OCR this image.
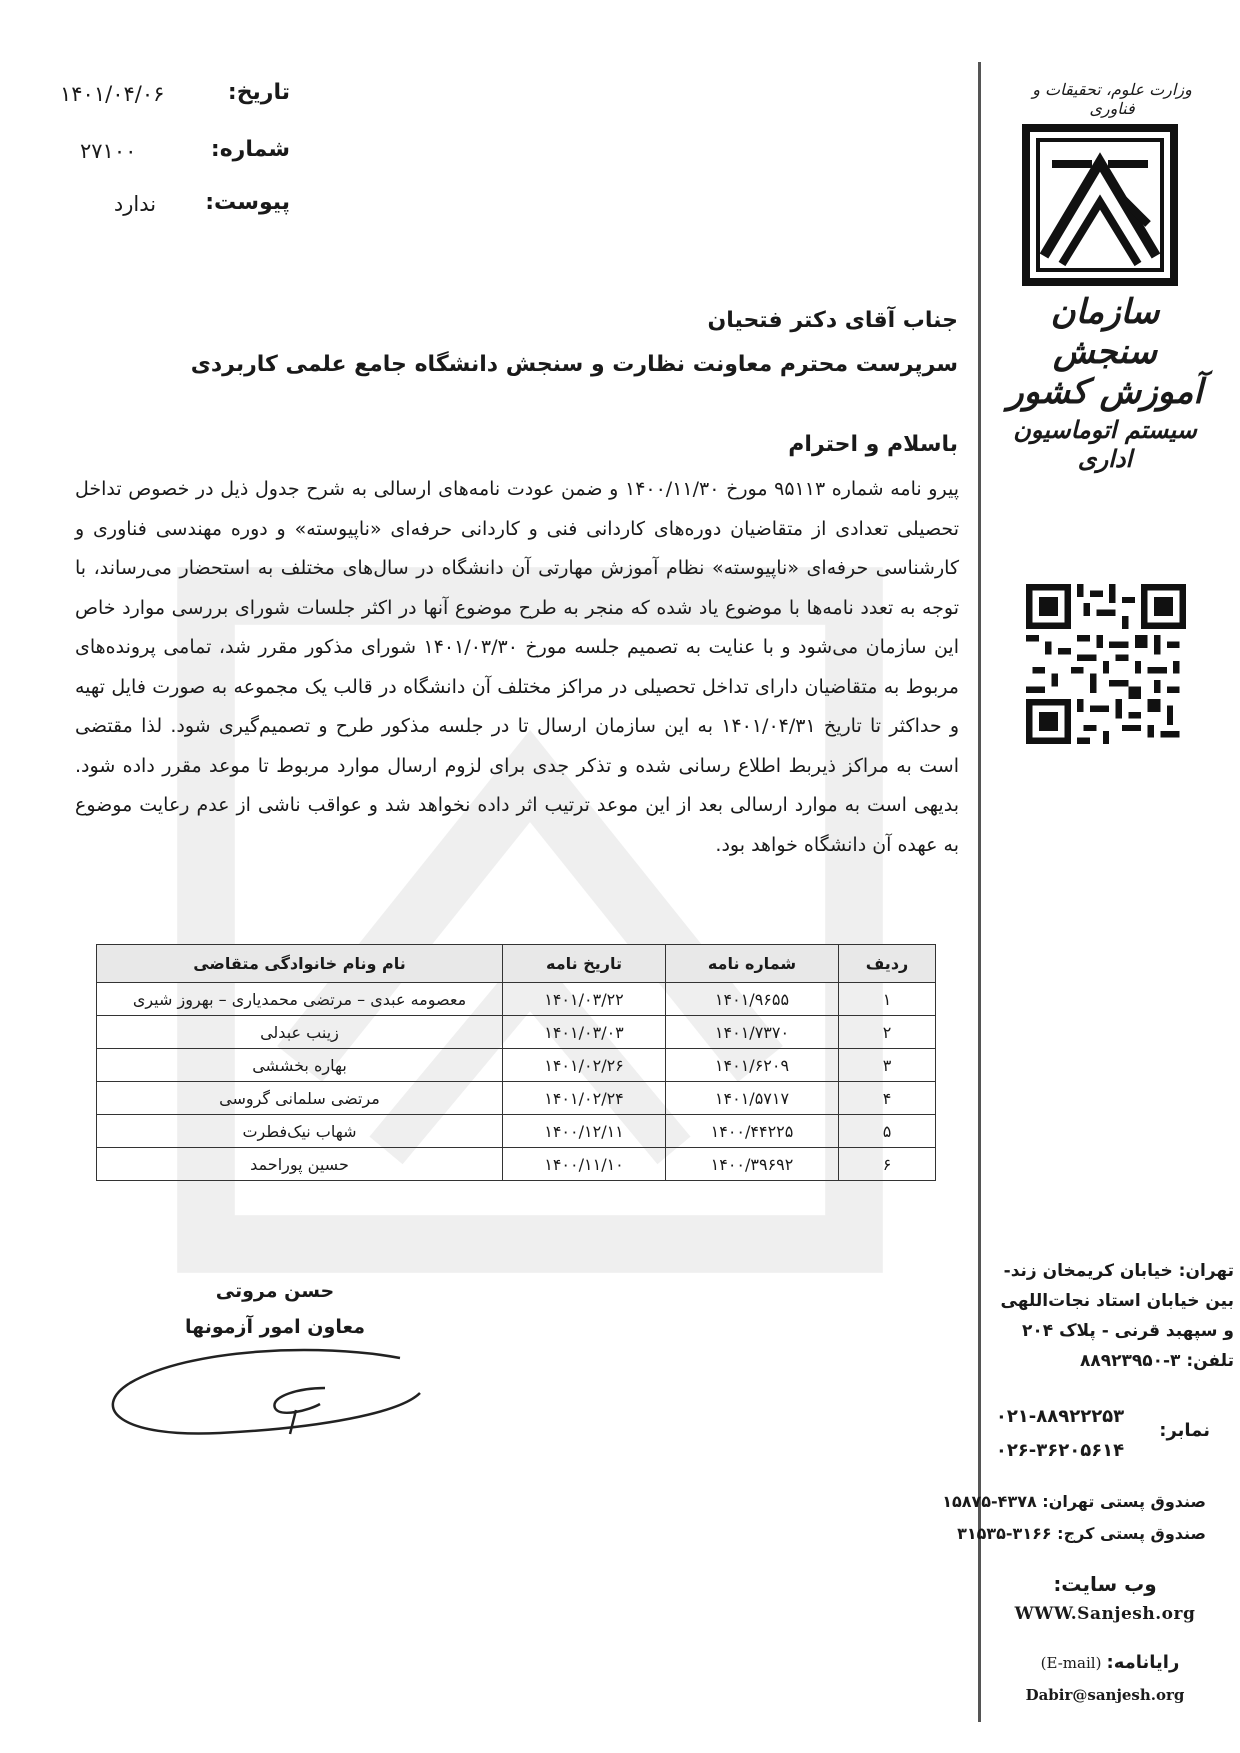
تاریخ:
۱۴۰۱/۰۴/۰۶
شماره:
۲۷۱۰۰
پیوست:
ندارد
وزارت علوم، تحقیقات و فناوری
سازمان سنجش آموزش کشور
سیستم اتوماسیون اداری
جناب آقای دکتر فتحیان
سرپرست محترم معاونت نظارت و سنجش دانشگاه جامع علمی کاربردی
باسلام و احترام
پیرو نامه شماره ۹۵۱۱۳ مورخ ۱۴۰۰/۱۱/۳۰ و ضمن عودت نامه‌های ارسالی به شرح جدول ذیل در خصوص تداخل تحصیلی تعدادی از متقاضیان دوره‌های کاردانی فنی و کاردانی حرفه‌ای «ناپیوسته» و دوره مهندسی فناوری و کارشناسی حرفه‌ای «ناپیوسته» نظام آموزش مهارتی آن دانشگاه در سال‌های مختلف به استحضار می‌رساند، با توجه به تعدد نامه‌ها با موضوع یاد شده که منجر به طرح موضوع آنها در اکثر جلسات شورای بررسی موارد خاص این سازمان می‌شود و با عنایت به تصمیم جلسه مورخ ۱۴۰۱/۰۳/۳۰ شورای مذکور مقرر شد، تمامی پرونده‌های مربوط به متقاضیان دارای تداخل تحصیلی در مراکز مختلف آن دانشگاه در قالب یک مجموعه به صورت فایل تهیه و حداکثر تا تاریخ ۱۴۰۱/۰۴/۳۱ به این سازمان ارسال تا در جلسه مذکور طرح و تصمیم‌گیری شود. لذا مقتضی است به مراکز ذیربط اطلاع رسانی شده و تذکر جدی برای لزوم ارسال موارد مربوط تا موعد مقرر داده شود. بدیهی است به موارد ارسالی بعد از این موعد ترتیب اثر داده نخواهد شد و عواقب ناشی از عدم رعایت موضوع به عهده آن دانشگاه خواهد بود.
ردیف	شماره نامه	تاریخ نامه	نام ونام خانوادگی متقاضی
۱	۱۴۰۱/۹۶۵۵	۱۴۰۱/۰۳/۲۲	معصومه عبدی – مرتضی محمدیاری – بهروز شیری
۲	۱۴۰۱/۷۳۷۰	۱۴۰۱/۰۳/۰۳	زینب عبدلی
۳	۱۴۰۱/۶۲۰۹	۱۴۰۱/۰۲/۲۶	بهاره بخششی
۴	۱۴۰۱/۵۷۱۷	۱۴۰۱/۰۲/۲۴	مرتضی سلمانی گروسی
۵	۱۴۰۰/۴۴۲۲۵	۱۴۰۰/۱۲/۱۱	شهاب نیک‌فطرت
۶	۱۴۰۰/۳۹۶۹۲	۱۴۰۰/۱۱/۱۰	حسین پوراحمد
حسن مروتی
معاون امور آزمونها
تهران: خیابان کریمخان زند-
بین خیابان استاد نجات‌اللهی
و سپهبد قرنی - پلاک ۲۰۴
تلفن: ۳-۸۸۹۲۳۹۵۰
نمابر:
۰۲۱-۸۸۹۲۲۲۵۳
۰۲۶-۳۶۲۰۵۶۱۴
صندوق پستی تهران: ۴۳۷۸-۱۵۸۷۵
صندوق پستی کرج: ۳۱۶۶-۳۱۵۳۵
وب سایت:
WWW.Sanjesh.org
رایانامه: (E-mail)
Dabir@sanjesh.org
